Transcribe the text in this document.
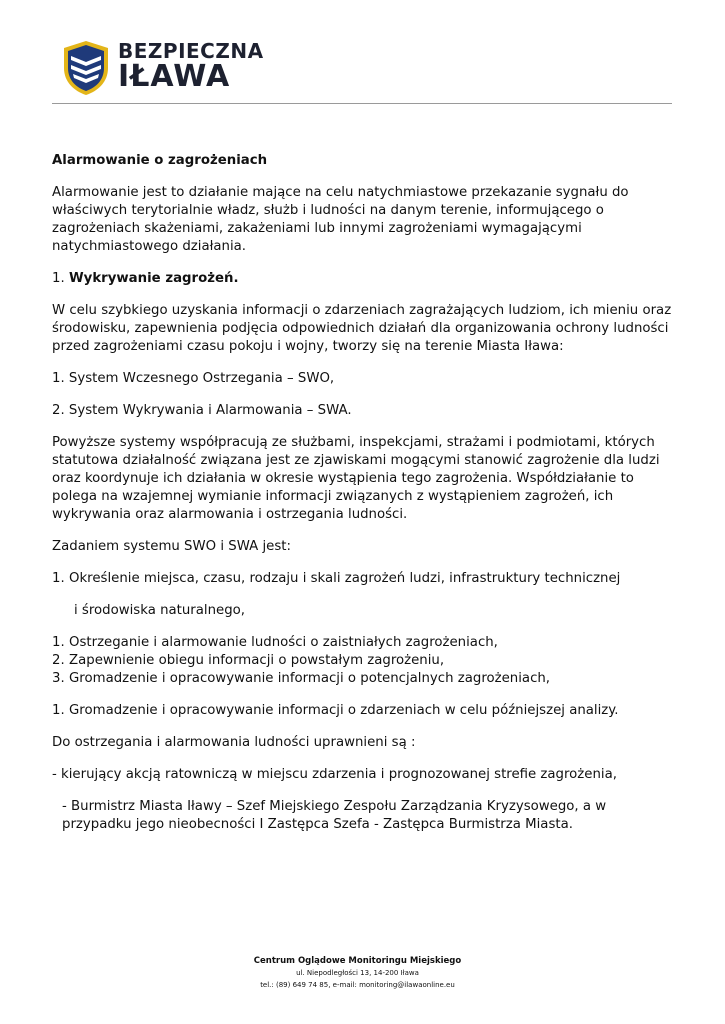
BEZPIECZNA
IŁAWA

Alarmowanie o zagrożeniach

Alarmowanie jest to działanie mające na celu natychmiastowe przekazanie sygnału do właściwych terytorialnie władz, służb i ludności na danym terenie, informującego o zagrożeniach skażeniami, zakażeniami lub innymi zagrożeniami wymagającymi natychmiastowego działania.

1. Wykrywanie zagrożeń.

W celu szybkiego uzyskania informacji o zdarzeniach zagrażających ludziom, ich mieniu oraz środowisku, zapewnienia podjęcia odpowiednich działań dla organizowania ochrony ludności przed zagrożeniami czasu pokoju i wojny, tworzy się na terenie Miasta Iława:

1. System Wczesnego Ostrzegania – SWO,

2. System Wykrywania i Alarmowania – SWA.

Powyższe systemy współpracują ze służbami, inspekcjami, strażami i podmiotami, których statutowa działalność związana jest ze zjawiskami mogącymi stanowić zagrożenie dla ludzi oraz koordynuje ich działania w okresie wystąpienia tego zagrożenia. Współdziałanie to polega na wzajemnej wymianie informacji związanych z wystąpieniem zagrożeń, ich wykrywania oraz alarmowania i ostrzegania ludności.

Zadaniem systemu SWO i SWA jest:

1. Określenie miejsca, czasu, rodzaju i skali zagrożeń ludzi, infrastruktury technicznej

i środowiska naturalnego,

1. Ostrzeganie i alarmowanie ludności o zaistniałych zagrożeniach,
2. Zapewnienie obiegu informacji o powstałym zagrożeniu,
3. Gromadzenie i opracowywanie informacji o potencjalnych zagrożeniach,
1. Gromadzenie i opracowywanie informacji o zdarzeniach w celu późniejszej analizy.

Do ostrzegania i alarmowania ludności uprawnieni są :

- kierujący akcją ratowniczą w miejscu zdarzenia i prognozowanej strefie zagrożenia,

- Burmistrz Miasta Iławy – Szef Miejskiego Zespołu Zarządzania Kryzysowego, a w przypadku jego nieobecności I Zastępca Szefa - Zastępca Burmistrza Miasta.

Centrum Oglądowe Monitoringu Miejskiego
ul. Niepodległości 13, 14-200 Iława
tel.: (89) 649 74 85, e-mail: monitoring@ilawaonline.eu
